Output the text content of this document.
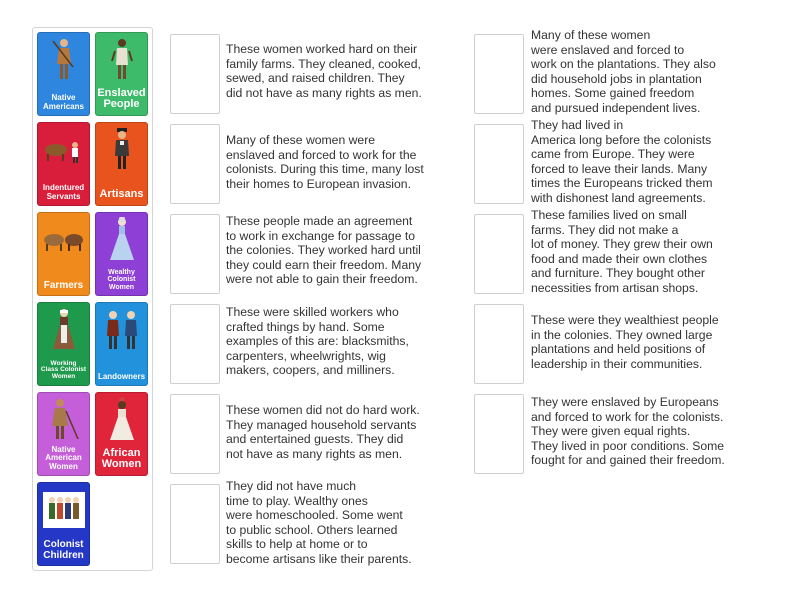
Native
Americans
Enslaved
People
Indentured
Servants	Artisans
Farmers
Wealthy
Colonist
Women
Working
Class Colonist
Women	Landowners
Native
American
Women
African
Women
Colonist
Children
These women worked hard on their
family farms. They cleaned, cooked,
sewed, and raised children. They
did not have as many rights as men.
Many of these women were
enslaved and forced to work for the
colonists. During this time, many lost
their homes to European invasion.
These people made an agreement
to work in exchange for passage to
the colonies. They worked hard until
they could earn their freedom. Many
were not able to gain their freedom.
These were skilled workers who
crafted things by hand. Some
examples of this are: blacksmiths,
carpenters, wheelwrights, wig
makers, coopers, and milliners.
These women did not do hard work.
They managed household servants
and entertained guests. They did
not have as many rights as men.
They did not have much
time to play. Wealthy ones
were homeschooled. Some went
to public school. Others learned
skills to help at home or to
become artisans like their parents.
Many of these women
were enslaved and forced to
work on the plantations. They also
did household jobs in plantation
homes. Some gained freedom
and pursued independent lives.
They had lived in
America long before the colonists
came from Europe. They were
forced to leave their lands. Many
times the Europeans tricked them
with dishonest land agreements.
These families lived on small
farms. They did not make a
lot of money. They grew their own
food and made their own clothes
and furniture. They bought other
necessities from artisan shops.
These were they wealthiest people
in the colonies. They owned large
plantations and held positions of
leadership in their communities.
They were enslaved by Europeans
and forced to work for the colonists.
They were given equal rights.
They lived in poor conditions. Some
fought for and gained their freedom.
